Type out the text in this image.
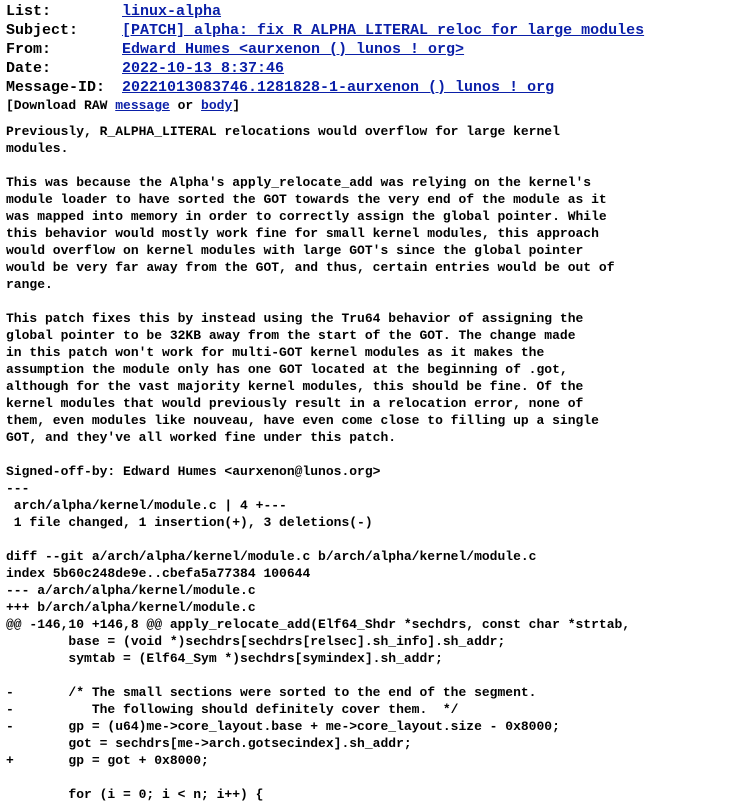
List:	linux-alpha
Subject:	[PATCH] alpha: fix R_ALPHA_LITERAL reloc for large modules
From:	Edward Humes <aurxenon () lunos ! org>
Date:	2022-10-13 8:37:46
Message-ID:	20221013083746.1281828-1-aurxenon () lunos ! org
[Download RAW message or body]
Previously, R_ALPHA_LITERAL relocations would overflow for large kernel
modules.

This was because the Alpha's apply_relocate_add was relying on the kernel's
module loader to have sorted the GOT towards the very end of the module as it
was mapped into memory in order to correctly assign the global pointer. While
this behavior would mostly work fine for small kernel modules, this approach
would overflow on kernel modules with large GOT's since the global pointer
would be very far away from the GOT, and thus, certain entries would be out of
range.

This patch fixes this by instead using the Tru64 behavior of assigning the
global pointer to be 32KB away from the start of the GOT. The change made
in this patch won't work for multi-GOT kernel modules as it makes the
assumption the module only has one GOT located at the beginning of .got,
although for the vast majority kernel modules, this should be fine. Of the
kernel modules that would previously result in a relocation error, none of
them, even modules like nouveau, have even come close to filling up a single
GOT, and they've all worked fine under this patch.

Signed-off-by: Edward Humes <aurxenon@lunos.org>
---
arch/alpha/kernel/module.c | 4 +---
1 file changed, 1 insertion(+), 3 deletions(-)

diff --git a/arch/alpha/kernel/module.c b/arch/alpha/kernel/module.c
index 5b60c248de9e..cbefa5a77384 100644
--- a/arch/alpha/kernel/module.c
+++ b/arch/alpha/kernel/module.c
@@ -146,10 +146,8 @@ apply_relocate_add(Elf64_Shdr *sechdrs, const char *strtab,
base = (void *)sechdrs[sechdrs[relsec].sh_info].sh_addr;
symtab = (Elf64_Sym *)sechdrs[symindex].sh_addr;

-       /* The small sections were sorted to the end of the segment.
-          The following should definitely cover them.  */
-       gp = (u64)me->core_layout.base + me->core_layout.size - 0x8000;
got = sechdrs[me->arch.gotsecindex].sh_addr;
+       gp = got + 0x8000;

for (i = 0; i < n; i++) {
